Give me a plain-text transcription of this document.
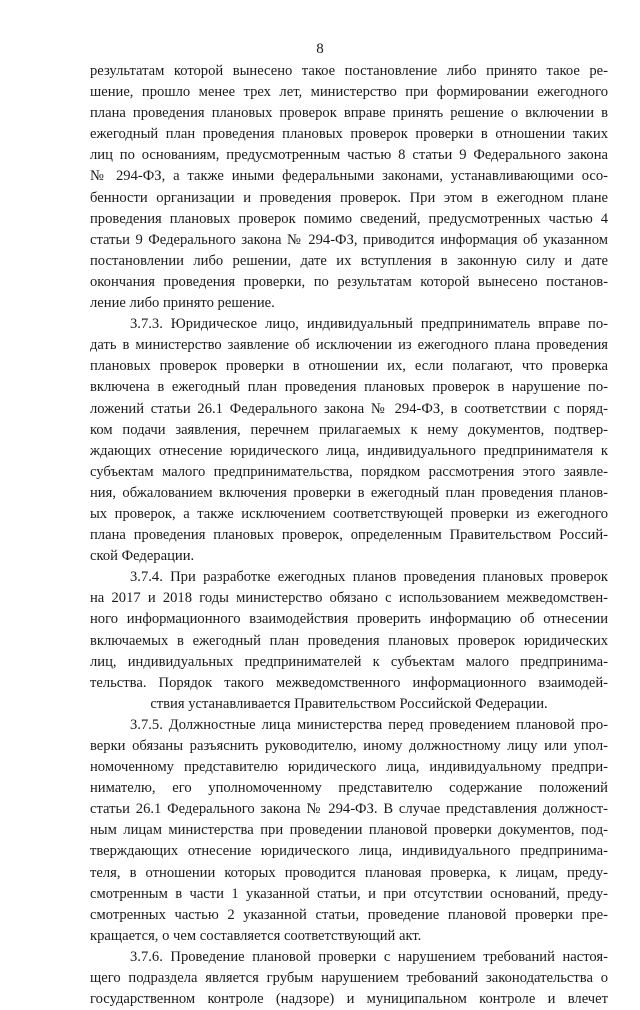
8
результатам которой вынесено такое постановление либо принято такое ре-
шение, прошло менее трех лет, министерство при формировании ежегодного
плана проведения плановых проверок вправе принять решение о включении в
ежегодный план проведения плановых проверок проверки в отношении таких
лиц по основаниям, предусмотренным частью 8 статьи 9 Федерального закона
№ 294-ФЗ, а также иными федеральными законами, устанавливающими осо-
бенности организации и проведения проверок. При этом в ежегодном плане
проведения плановых проверок помимо сведений, предусмотренных частью 4
статьи 9 Федерального закона № 294-ФЗ, приводится информация об указанном
постановлении либо решении, дате их вступления в законную силу и дате
окончания проведения проверки, по результатам которой вынесено постанов-
ление либо принято решение.
3.7.3. Юридическое лицо, индивидуальный предприниматель вправе по-
дать в министерство заявление об исключении из ежегодного плана проведения
плановых проверок проверки в отношении их, если полагают, что проверка
включена в ежегодный план проведения плановых проверок в нарушение по-
ложений статьи 26.1 Федерального закона № 294-ФЗ, в соответствии с поряд-
ком подачи заявления, перечнем прилагаемых к нему документов, подтвер-
ждающих отнесение юридического лица, индивидуального предпринимателя к
субъектам малого предпринимательства, порядком рассмотрения этого заявле-
ния, обжалованием включения проверки в ежегодный план проведения планов-
ых проверок, а также исключением соответствующей проверки из ежегодного
плана проведения плановых проверок, определенным Правительством Россий-
ской Федерации.
3.7.4. При разработке ежегодных планов проведения плановых проверок
на 2017 и 2018 годы министерство обязано с использованием межведомствен-
ного информационного взаимодействия проверить информацию об отнесении
включаемых в ежегодный план проведения плановых проверок юридических
лиц, индивидуальных предпринимателей к субъектам малого предпринима-
тельства. Порядок такого межведомственного информационного взаимодей-
ствия устанавливается Правительством Российской Федерации.
3.7.5. Должностные лица министерства перед проведением плановой про-
верки обязаны разъяснить руководителю, иному должностному лицу или упол-
номоченному представителю юридического лица, индивидуальному предпри-
нимателю, его уполномоченному представителю содержание положений
статьи 26.1 Федерального закона № 294-ФЗ. В случае представления должност-
ным лицам министерства при проведении плановой проверки документов, под-
тверждающих отнесение юридического лица, индивидуального предпринима-
теля, в отношении которых проводится плановая проверка, к лицам, преду-
смотренным в части 1 указанной статьи, и при отсутствии оснований, преду-
смотренных частью 2 указанной статьи, проведение плановой проверки пре-
кращается, о чем составляется соответствующий акт.
3.7.6. Проведение плановой проверки с нарушением требований настоя-
щего подраздела является грубым нарушением требований законодательства о
государственном контроле (надзоре) и муниципальном контроле и влечет
